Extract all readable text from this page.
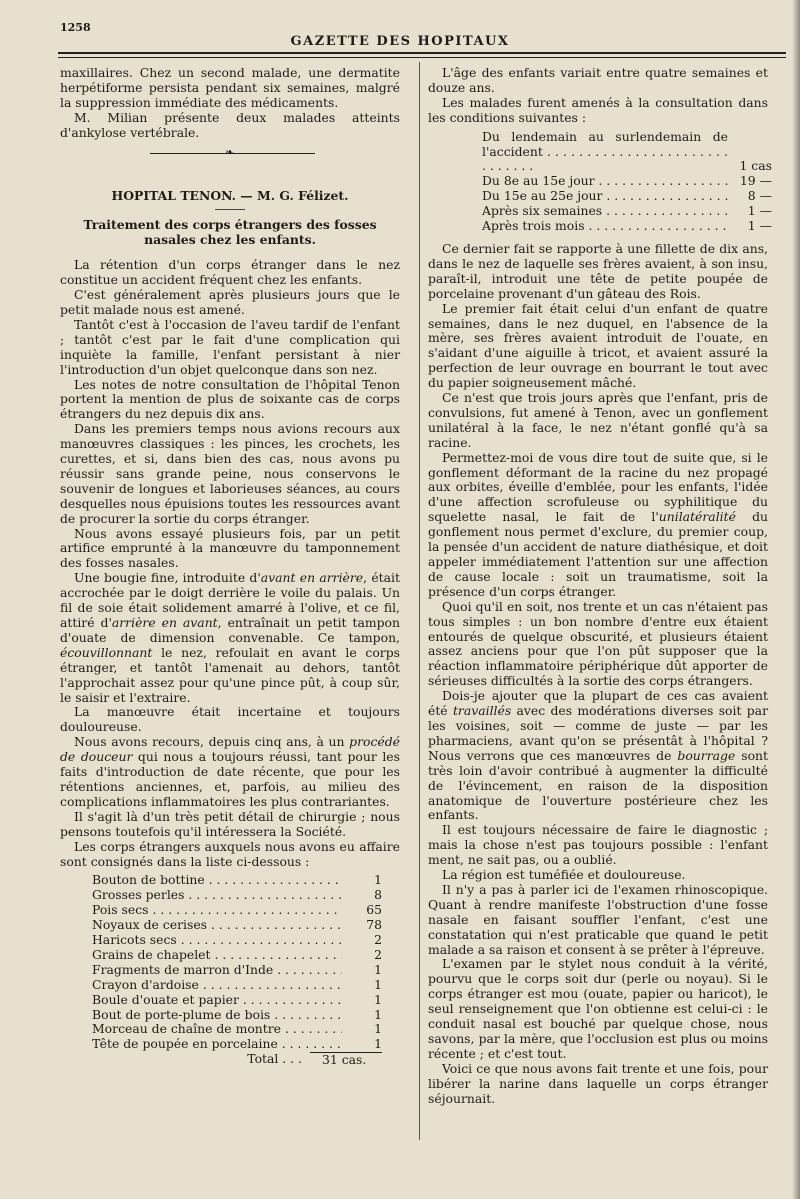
1258
GAZETTE DES HOPITAUX

maxillaires. Chez un second malade, une dermatite herpétiforme persista pendant six semaines, malgré la suppression immédiate des médicaments.

M. Milian présente deux malades atteints d'ankylose vertébrale.

❧

HOPITAL TENON. — M. G. Félizet.

Traitement des corps étrangers des fosses nasales chez les enfants.

La rétention d'un corps étranger dans le nez constitue un accident fréquent chez les enfants.

C'est généralement après plusieurs jours que le petit malade nous est amené.

Tantôt c'est à l'occasion de l'aveu tardif de l'enfant ; tantôt c'est par le fait d'une complication qui inquiète la famille, l'enfant persistant à nier l'introduction d'un objet quelconque dans son nez.

Les notes de notre consultation de l'hôpital Tenon portent la mention de plus de soixante cas de corps étrangers du nez depuis dix ans.

Dans les premiers temps nous avions recours aux manœuvres classiques : les pinces, les crochets, les curettes, et si, dans bien des cas, nous avons pu réussir sans grande peine, nous conservons le souvenir de longues et laborieuses séances, au cours desquelles nous épuisions toutes les ressources avant de procurer la sortie du corps étranger.

Nous avons essayé plusieurs fois, par un petit artifice emprunté à la manœuvre du tamponnement des fosses nasales.

Une bougie fine, introduite d'avant en arrière, était accrochée par le doigt derrière le voile du palais. Un fil de soie était solidement amarré à l'olive, et ce fil, attiré d'arrière en avant, entraînait un petit tampon d'ouate de dimension convenable. Ce tampon, écouvillonnant le nez, refoulait en avant le corps étranger, et tantôt l'amenait au dehors, tantôt l'approchait assez pour qu'une pince pût, à coup sûr, le saisir et l'extraire.

La manœuvre était incertaine et toujours douloureuse.

Nous avons recours, depuis cinq ans, à un procédé de douceur qui nous a toujours réussi, tant pour les faits d'introduction de date récente, que pour les rétentions anciennes, et, parfois, au milieu des complications inflammatoires les plus contrariantes.

Il s'agit là d'un très petit détail de chirurgie ; nous pensons toutefois qu'il intéressera la Société.

Les corps étrangers auxquels nous avons eu affaire sont consignés dans la liste ci-dessous :

Bouton de bottine . . .	1
Grosses perles . . .	8
Pois secs . . .	65
Noyaux de cerises . . .	78
Haricots secs . . .	2
Grains de chapelet . . .	2
Fragments de marron d'Inde . . .	1
Crayon d'ardoise . . .	1
Boule d'ouate et papier . . .	1
Bout de porte-plume de bois . . .	1
Morceau de chaîne de montre . . .	1
Tête de poupée en porcelaine . . .	1
Total . . .	31 cas.

L'âge des enfants variait entre quatre semaines et douze ans.

Les malades furent amenés à la consultation dans les conditions suivantes :

Du lendemain au surlendemain de l'accident . . .
1 cas
Du 8e au 15e jour . . .	19 —
Du 15e au 25e jour . . .	8 —
Après six semaines . . .	1 —
Après trois mois . . .	1 —

Ce dernier fait se rapporte à une fillette de dix ans, dans le nez de laquelle ses frères avaient, à son insu, paraît-il, introduit une tête de petite poupée de porcelaine provenant d'un gâteau des Rois.

Le premier fait était celui d'un enfant de quatre semaines, dans le nez duquel, en l'absence de la mère, ses frères avaient introduit de l'ouate, en s'aidant d'une aiguille à tricot, et avaient assuré la perfection de leur ouvrage en bourrant le tout avec du papier soigneusement mâché.

Ce n'est que trois jours après que l'enfant, pris de convulsions, fut amené à Tenon, avec un gonflement unilatéral à la face, le nez n'étant gonflé qu'à sa racine.

Permettez-moi de vous dire tout de suite que, si le gonflement déformant de la racine du nez propagé aux orbites, éveille d'emblée, pour les enfants, l'idée d'une affection scrofuleuse ou syphilitique du squelette nasal, le fait de l'unilatéralité du gonflement nous permet d'exclure, du premier coup, la pensée d'un accident de nature diathésique, et doit appeler immédiatement l'attention sur une affection de cause locale : soit un traumatisme, soit la présence d'un corps étranger.

Quoi qu'il en soit, nos trente et un cas n'étaient pas tous simples : un bon nombre d'entre eux étaient entourés de quelque obscurité, et plusieurs étaient assez anciens pour que l'on pût supposer que la réaction inflammatoire périphérique dût apporter de sérieuses difficultés à la sortie des corps étrangers.

Dois-je ajouter que la plupart de ces cas avaient été travaillés avec des modérations diverses soit par les voisines, soit — comme de juste — par les pharmaciens, avant qu'on se présentât à l'hôpital ? Nous verrons que ces manœuvres de bourrage sont très loin d'avoir contribué à augmenter la difficulté de l'évincement, en raison de la disposition anatomique de l'ouverture postérieure chez les enfants.

Il est toujours nécessaire de faire le diagnostic ; mais la chose n'est pas toujours possible : l'enfant ment, ne sait pas, ou a oublié.

La région est tuméfiée et douloureuse.

Il n'y a pas à parler ici de l'examen rhinoscopique. Quant à rendre manifeste l'obstruction d'une fosse nasale en faisant souffler l'enfant, c'est une constatation qui n'est praticable que quand le petit malade a sa raison et consent à se prêter à l'épreuve.

L'examen par le stylet nous conduit à la vérité, pourvu que le corps soit dur (perle ou noyau). Si le corps étranger est mou (ouate, papier ou haricot), le seul renseignement que l'on obtienne est celui-ci : le conduit nasal est bouché par quelque chose, nous savons, par la mère, que l'occlusion est plus ou moins récente ; et c'est tout.

Voici ce que nous avons fait trente et une fois, pour libérer la narine dans laquelle un corps étranger séjournait.
